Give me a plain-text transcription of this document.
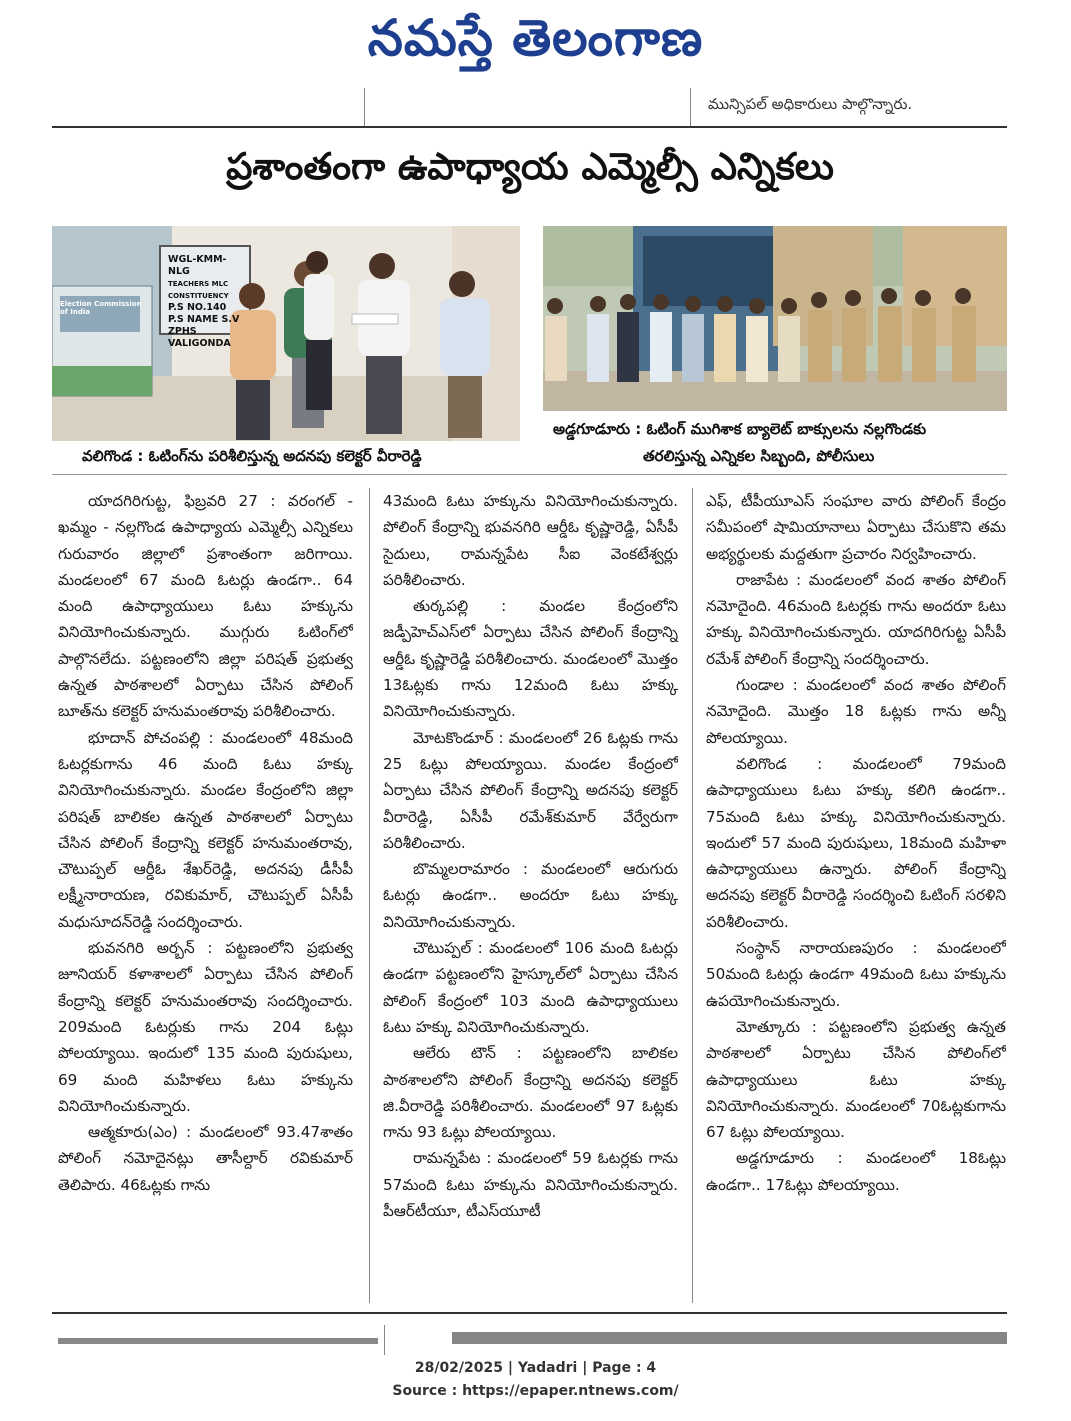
నమస్తే తెలంగాణ
మున్సిపల్ అధికారులు పాల్గొన్నారు.
ప్రశాంతంగా ఉపాధ్యాయ ఎమ్మెల్సీ ఎన్నికలు
WGL-KMM-NLG
TEACHERS MLC CONSTITUENCY
P.S NO.140
P.S NAME S.V ZPHS
VALIGONDA
Election Commission of India
వలిగొండ : ఓటింగ్‌ను పరిశీలిస్తున్న అదనపు కలెక్టర్ వీరారెడ్డి
అడ్డగూడూరు : ఓటింగ్ ముగిశాక బ్యాలెట్ బాక్సులను నల్లగొండకు
తరలిస్తున్న ఎన్నికల సిబ్బంది, పోలీసులు

యాదగిరిగుట్ట, ఫిబ్రవరి 27 : వరంగల్ - ఖమ్మం - నల్లగొండ ఉపాధ్యాయ ఎమ్మెల్సీ ఎన్నికలు గురువారం జిల్లాలో ప్రశాంతంగా జరిగాయి. మండలంలో 67 మంది ఓటర్లు ఉండగా.. 64 మంది ఉపాధ్యాయులు ఓటు హక్కును వినియోగించుకున్నారు. ముగ్గురు ఓటింగ్‌లో పాల్గొనలేదు. పట్టణంలోని జిల్లా పరిషత్ ప్రభుత్వ ఉన్నత పాఠశాలలో ఏర్పాటు చేసిన పోలింగ్ బూత్‌ను కలెక్టర్ హనుమంతరావు పరిశీలించారు.

భూదాన్ పోచంపల్లి : మండలంలో 48మంది ఓటర్లకుగాను 46 మంది ఓటు హక్కు వినియోగించుకున్నారు. మండల కేంద్రంలోని జిల్లా పరిషత్ బాలికల ఉన్నత పాఠశాలలో ఏర్పాటు చేసిన పోలింగ్ కేంద్రాన్ని కలెక్టర్ హనుమంతరావు, చౌటుప్పల్ ఆర్డీఓ శేఖర్‌రెడ్డి, అదనపు డీసీపీ లక్ష్మీనారాయణ, రవికుమార్, చౌటుప్పల్ ఏసీపీ మధుసూదన్‌రెడ్డి సందర్శించారు.

భువనగిరి అర్బన్ : పట్టణంలోని ప్రభుత్వ జూనియర్ కళాశాలలో ఏర్పాటు చేసిన పోలింగ్ కేంద్రాన్ని కలెక్టర్ హనుమంతరావు సందర్శించారు. 209మంది ఓటర్లుకు గాను 204 ఓట్లు పోలయ్యాయి. ఇందులో 135 మంది పురుషులు, 69 మంది మహిళలు ఓటు హక్కును వినియోగించుకున్నారు.

ఆత్మకూరు(ఎం) : మండలంలో 93.47శాతం పోలింగ్ నమోదైనట్లు తాసీల్దార్ రవికుమార్ తెలిపారు. 46ఓట్లకు గాను

43మంది ఓటు హక్కును వినియోగించుకున్నారు. పోలింగ్ కేంద్రాన్ని భువనగిరి ఆర్డీఓ కృష్ణారెడ్డి, ఏసీపీ సైదులు, రామన్నపేట సీఐ వెంకటేశ్వర్లు పరిశీలించారు.

తుర్కపల్లి : మండల కేంద్రంలోని జడ్పీహెచ్‌ఎస్‌లో ఏర్పాటు చేసిన పోలింగ్ కేంద్రాన్ని ఆర్డీఓ కృష్ణారెడ్డి పరిశీలించారు. మండలంలో మొత్తం 13ఓట్లకు గాను 12మంది ఓటు హక్కు వినియోగించుకున్నారు.

మోటకొండూర్ : మండలంలో 26 ఓట్లకు గాను 25 ఓట్లు పోలయ్యాయి. మండల కేంద్రంలో ఏర్పాటు చేసిన పోలింగ్ కేంద్రాన్ని అదనపు కలెక్టర్ వీరారెడ్డి, ఏసీపీ రమేశ్‌కుమార్ వేర్వేరుగా పరిశీలించారు.

బొమ్మలరామారం : మండలంలో ఆరుగురు ఓటర్లు ఉండగా.. అందరూ ఓటు హక్కు వినియోగించుకున్నారు.

చౌటుప్పల్ : మండలంలో 106 మంది ఓటర్లు ఉండగా పట్టణంలోని హైస్కూల్‌లో ఏర్పాటు చేసిన పోలింగ్ కేంద్రంలో 103 మంది ఉపాధ్యాయులు ఓటు హక్కు వినియోగించుకున్నారు.

ఆలేరు టౌన్ : పట్టణంలోని బాలికల పాఠశాలలోని పోలింగ్ కేంద్రాన్ని అదనపు కలెక్టర్ జి.వీరారెడ్డి పరిశీలించారు. మండలంలో 97 ఓట్లకు గాను 93 ఓట్లు పోలయ్యాయి.

రామన్నపేట : మండలంలో 59 ఓటర్లకు గాను 57మంది ఓటు హక్కును వినియోగించుకున్నారు. పీఆర్‌టీయూ, టీఎస్‌యూటీ

ఎఫ్, టీపీయూఎస్ సంఘాల వారు పోలింగ్ కేంద్రం సమీపంలో షామియానాలు ఏర్పాటు చేసుకొని తమ అభ్యర్థులకు మద్దతుగా ప్రచారం నిర్వహించారు.

రాజాపేట : మండలంలో వంద శాతం పోలింగ్ నమోదైంది. 46మంది ఓటర్లకు గాను అందరూ ఓటు హక్కు వినియోగించుకున్నారు. యాదగిరిగుట్ట ఏసీపీ రమేశ్ పోలింగ్ కేంద్రాన్ని సందర్శించారు.

గుండాల : మండలంలో వంద శాతం పోలింగ్ నమోదైంది. మొత్తం 18 ఓట్లకు గాను అన్నీ పోలయ్యాయి.

వలిగొండ : మండలంలో 79మంది ఉపాధ్యాయులు ఓటు హక్కు కలిగి ఉండగా.. 75మంది ఓటు హక్కు వినియోగించుకున్నారు. ఇందులో 57 మంది పురుషులు, 18మంది మహిళా ఉపాధ్యాయులు ఉన్నారు. పోలింగ్ కేంద్రాన్ని అదనపు కలెక్టర్ వీరారెడ్డి సందర్శించి ఓటింగ్ సరళిని పరిశీలించారు.

సంస్థాన్ నారాయణపురం : మండలంలో 50మంది ఓటర్లు ఉండగా 49మంది ఓటు హక్కును ఉపయోగించుకున్నారు.

మోత్కూరు : పట్టణంలోని ప్రభుత్వ ఉన్నత పాఠశాలలో ఏర్పాటు చేసిన పోలింగ్‌లో ఉపాధ్యాయులు ఓటు హక్కు వినియోగించుకున్నారు. మండలంలో 70ఓట్లకుగాను 67 ఓట్లు పోలయ్యాయి.

అడ్డగూడూరు : మండలంలో 18ఓట్లు ఉండగా.. 17ఓట్లు పోలయ్యాయి.

28/02/2025 | Yadadri | Page : 4
Source : https://epaper.ntnews.com/
